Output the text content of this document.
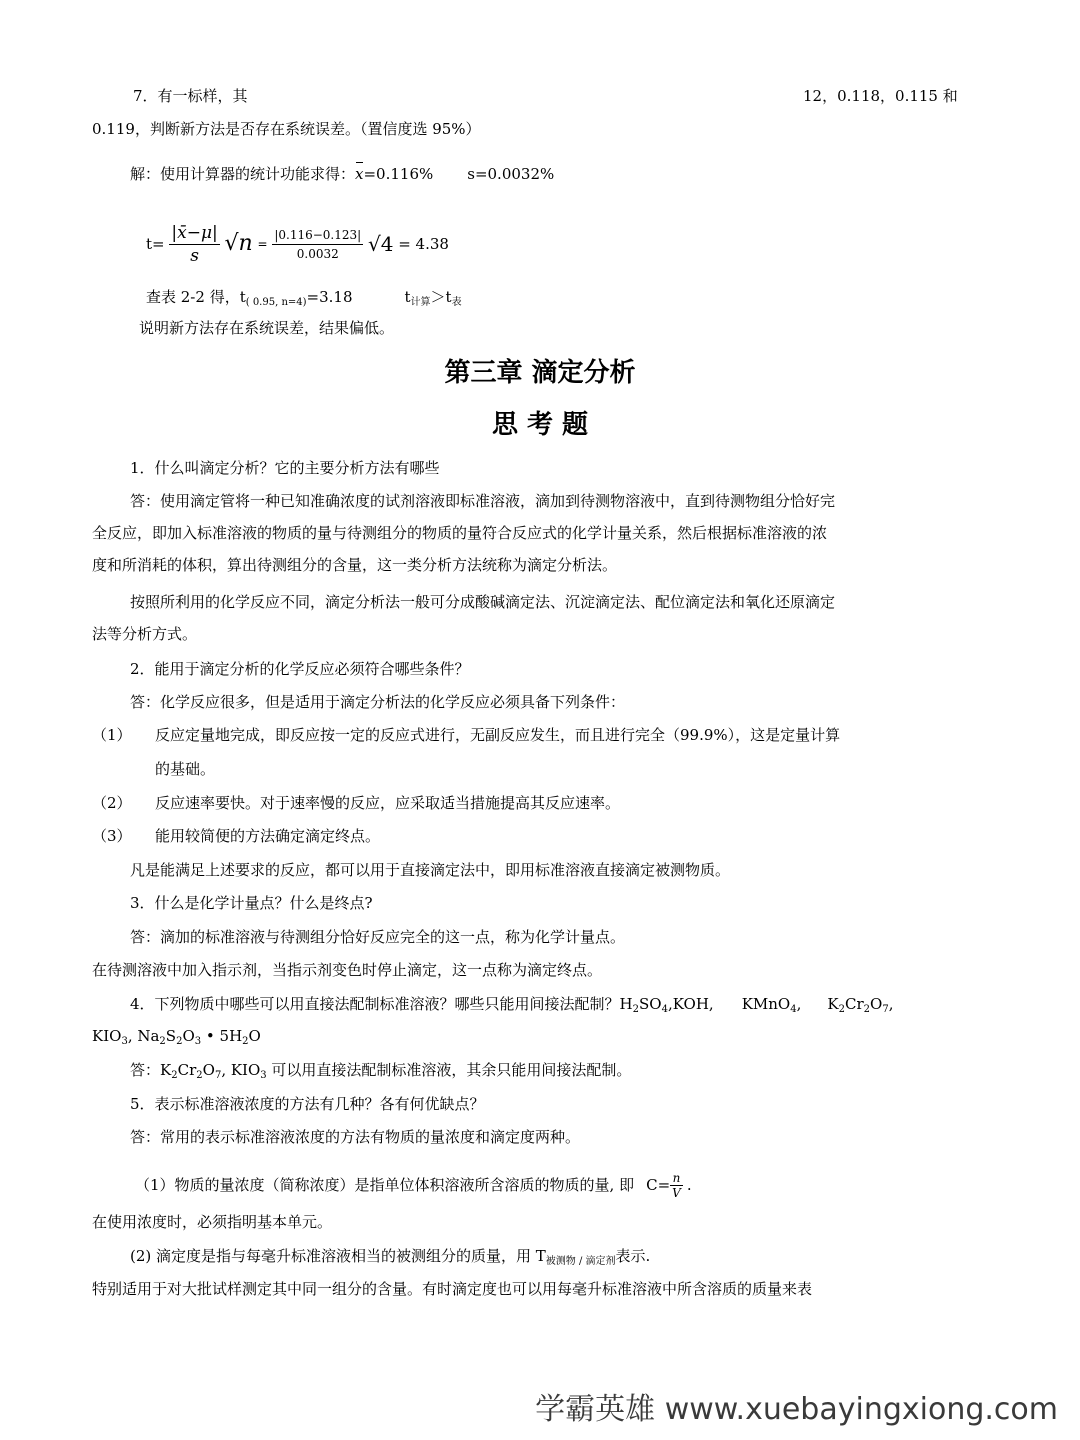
7．有一标样，其	12，0.118，0.115 和
0.119，判断新方法是否存在系统误差。（置信度选 95%）
解：使用计算器的统计功能求得：x=0.116% s=0.0032%
$t= \frac{|x̄-\mu|}{s} √n = \frac{|0.116-0.123|}{0.0032} √4 = 4.38$
查表 2-2 得，$t_{( 0.95, n=4)}=3.18$	$t_{计算}>t_表$
说明新方法存在系统误差，结果偏低。
第三章 滴定分析
思 考 题
1．什么叫滴定分析？它的主要分析方法有哪些
答：使用滴定管将一种已知准确浓度的试剂溶液即标准溶液，滴加到待测物溶液中，直到待测物组分恰好完
全反应，即加入标准溶液的物质的量与待测组分的物质的量符合反应式的化学计量关系，然后根据标准溶液的浓
度和所消耗的体积，算出待测组分的含量，这一类分析方法统称为滴定分析法。
按照所利用的化学反应不同，滴定分析法一般可分成酸碱滴定法、沉淀滴定法、配位滴定法和氧化还原滴定
法等分析方式。
2．能用于滴定分析的化学反应必须符合哪些条件？
答：化学反应很多，但是适用于滴定分析法的化学反应必须具备下列条件：
（1） 反应定量地完成，即反应按一定的反应式进行，无副反应发生，而且进行完全（99.9%），这是定量计算
的基础。
（2） 反应速率要快。对于速率慢的反应，应采取适当措施提高其反应速率。
（3） 能用较简便的方法确定滴定终点。
凡是能满足上述要求的反应，都可以用于直接滴定法中，即用标准溶液直接滴定被测物质。
3．什么是化学计量点？什么是终点?
答：滴加的标准溶液与待测组分恰好反应完全的这一点，称为化学计量点。
在待测溶液中加入指示剂，当指示剂变色时停止滴定，这一点称为滴定终点。
4．下列物质中哪些可以用直接法配制标准溶液？哪些只能用间接法配制？$H_2SO_4,KOH$, KMnO$_4$, $K_2Cr_2O_7$,
$KIO_3$, $Na_2S_2O_3$ • $5H_2O$
答：$K_2Cr_2O_7$, $KIO_3$ 可以用直接法配制标准溶液，其余只能用间接法配制。
5．表示标准溶液浓度的方法有几种？各有何优缺点？
答：常用的表示标准溶液浓度的方法有物质的量浓度和滴定度两种。
（1）物质的量浓度（简称浓度）是指单位体积溶液所含溶质的物质的量, 即 $C= \frac{n}{V}$ .
在使用浓度时，必须指明基本单元。
(2) 滴定度是指与每毫升标准溶液相当的被测组分的质量，用 $T_{被测物 / 滴定剂}$表示.
特别适用于对大批试样测定其中同一组分的含量。有时滴定度也可以用每毫升标准溶液中所含溶质的质量来表
学霸英雄 www.xuebayingxiong.com
